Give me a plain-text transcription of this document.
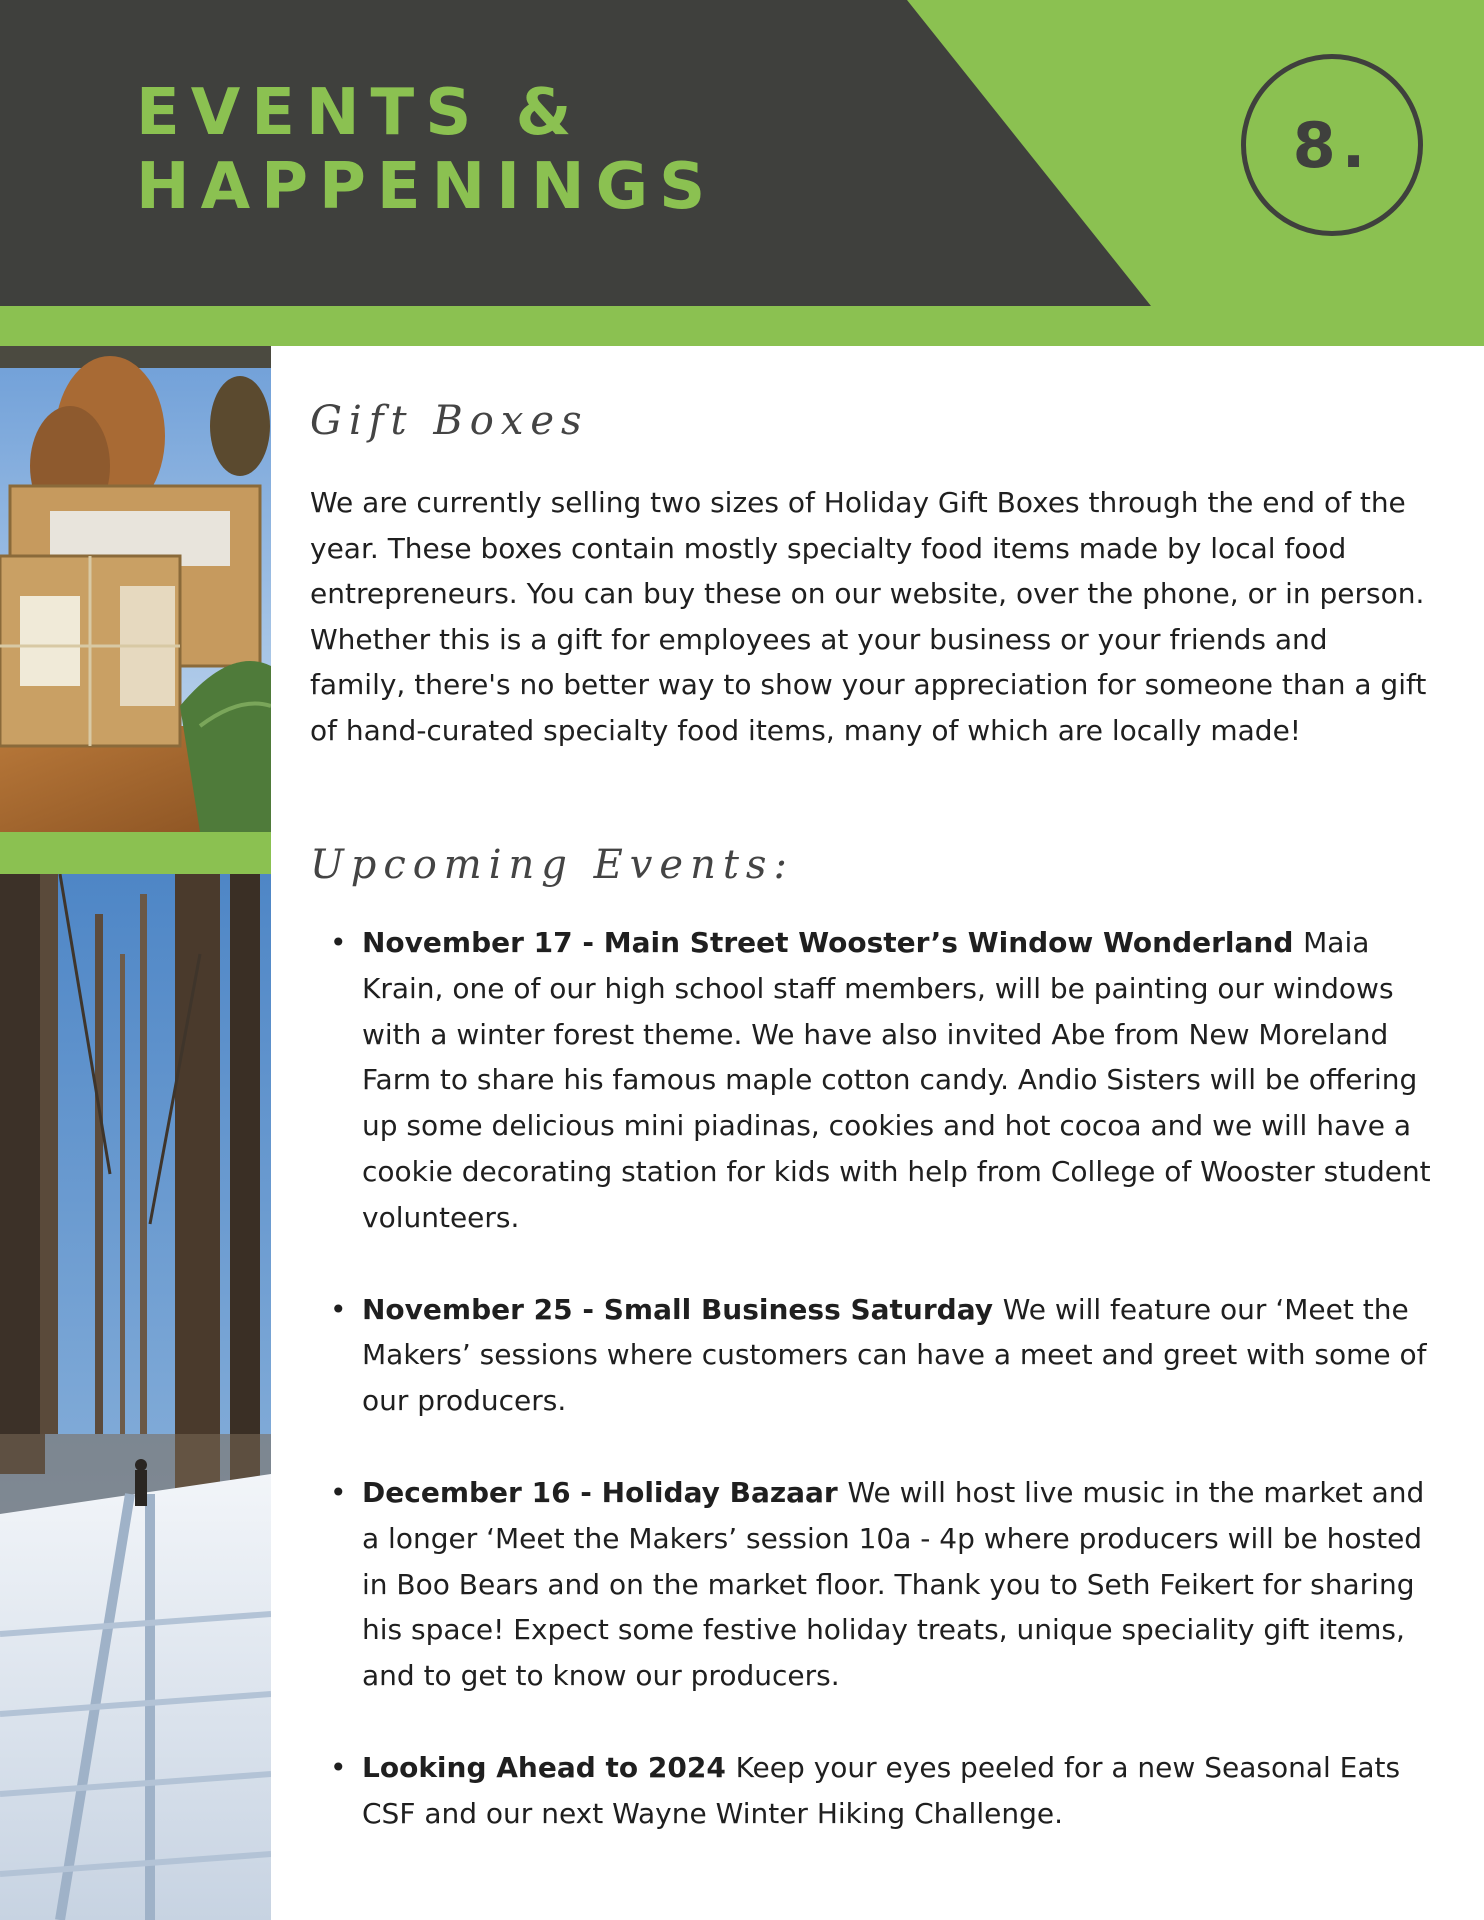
EVENTS &
HAPPENINGS
8.
Gift Boxes

We are currently selling two sizes of Holiday Gift Boxes through the end of the year. These boxes contain mostly specialty food items made by local food entrepreneurs. You can buy these on our website, over the phone, or in person. Whether this is a gift for employees at your business or your friends and family, there's no better way to show your appreciation for someone than a gift of hand-curated specialty food items, many of which are locally made!

Upcoming Events:
• November 17 - Main Street Wooster’s Window Wonderland Maia Krain, one of our high school staff members, will be painting our windows with a winter forest theme. We have also invited Abe from New Moreland Farm to share his famous maple cotton candy. Andio Sisters will be offering up some delicious mini piadinas, cookies and hot cocoa and we will have a cookie decorating station for kids with help from College of Wooster student volunteers.
• November 25 - Small Business Saturday We will feature our ‘Meet the Makers’ sessions where customers can have a meet and greet with some of our producers.
• December 16 - Holiday Bazaar We will host live music in the market and a longer ‘Meet the Makers’ session 10a - 4p where producers will be hosted in Boo Bears and on the market floor. Thank you to Seth Feikert for sharing his space! Expect some festive holiday treats, unique speciality gift items, and to get to know our producers.
• Looking Ahead to 2024 Keep your eyes peeled for a new Seasonal Eats CSF and our next Wayne Winter Hiking Challenge.
